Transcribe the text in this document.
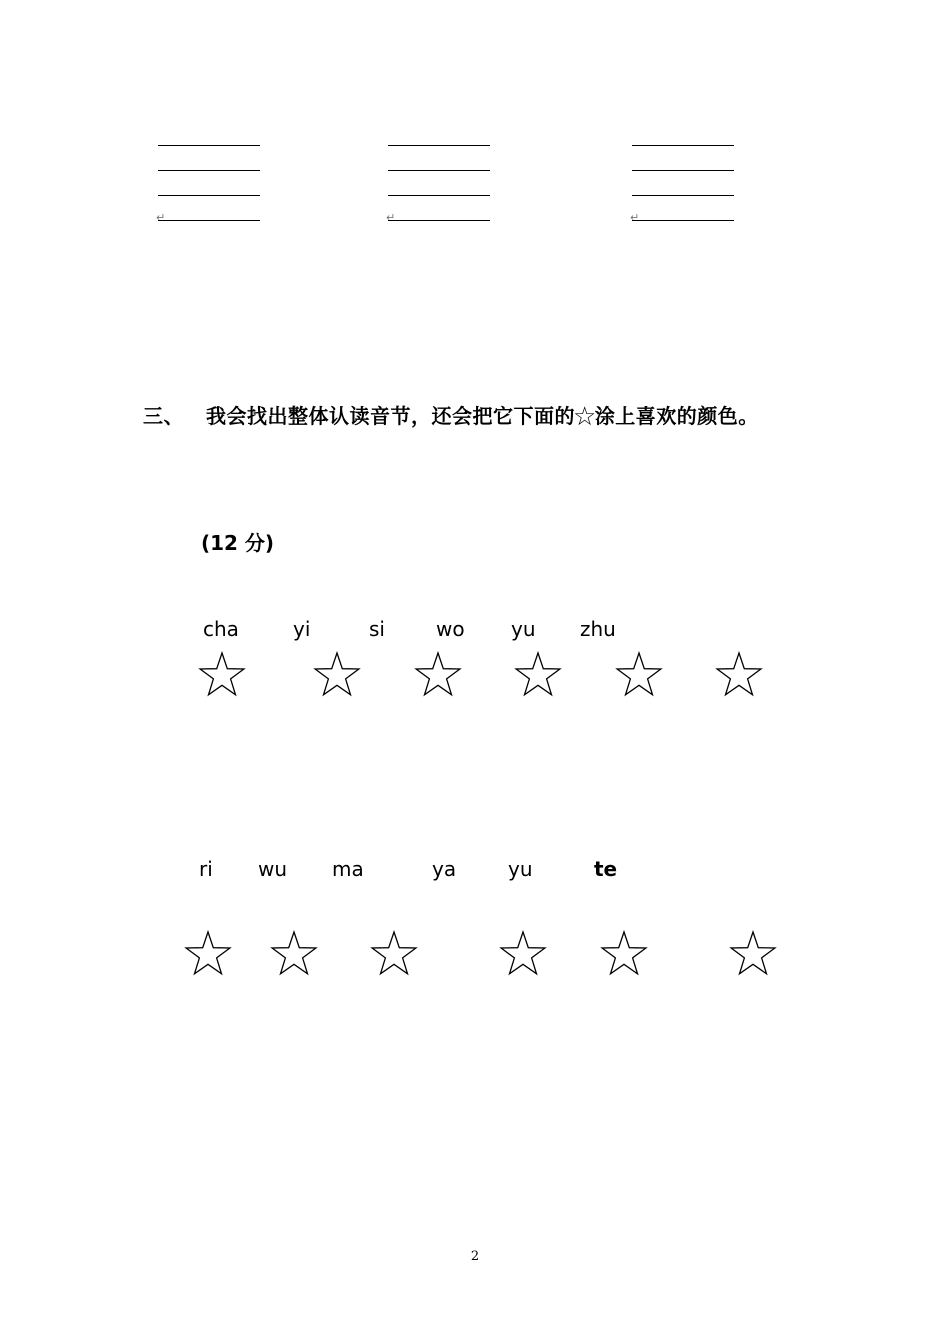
↵	↵	↵
三、 我会找出整体认读音节，还会把它下面的☆涂上喜欢的颜色。
(12 分)
cha	yi	si	wo yu zhu
ri wu ma	ya	yu	te
2
